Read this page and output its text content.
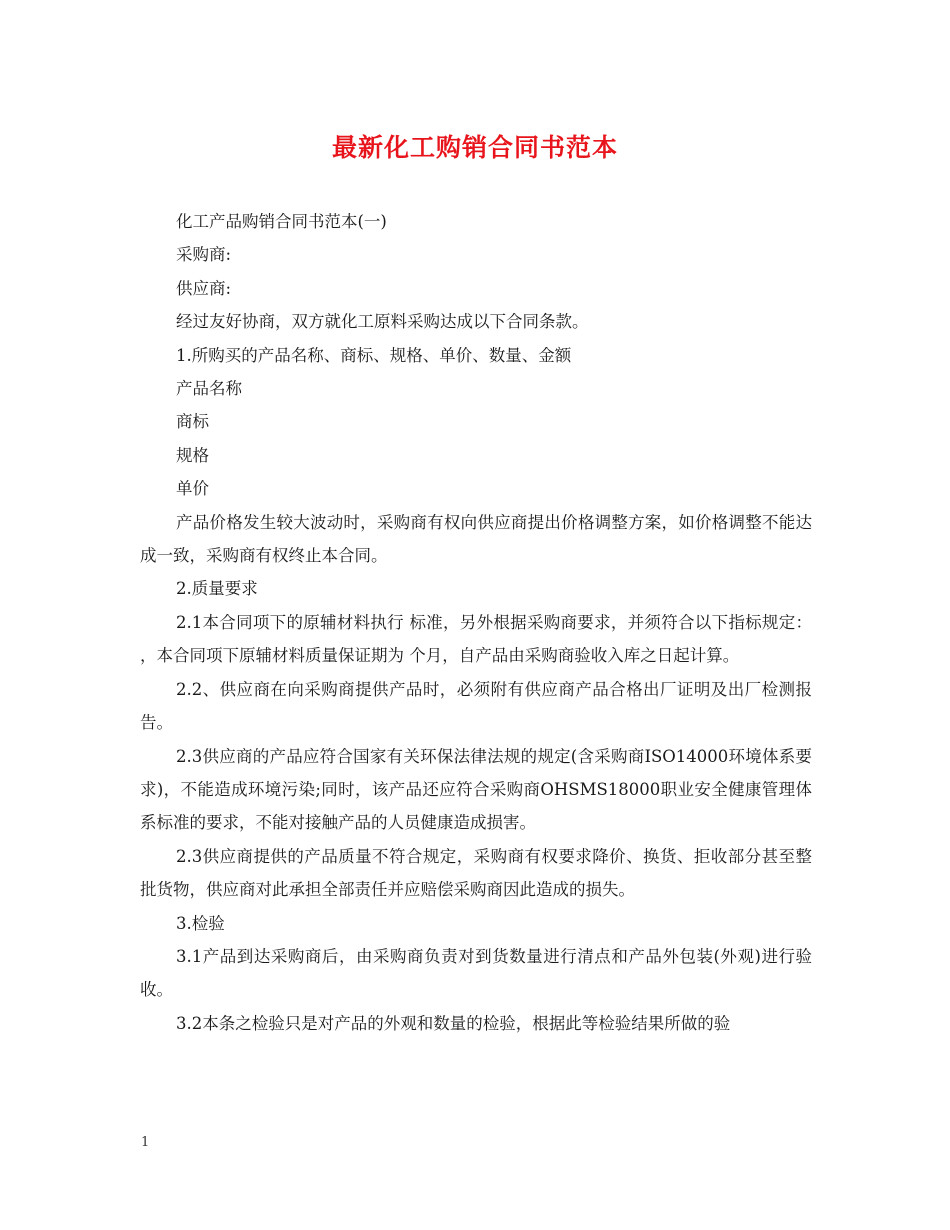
最新化工购销合同书范本

化工产品购销合同书范本(一)

采购商:

供应商:

经过友好协商，双方就化工原料采购达成以下合同条款。

1.所购买的产品名称、商标、规格、单价、数量、金额

产品名称

商标

规格

单价

产品价格发生较大波动时，采购商有权向供应商提出价格调整方案，如价格调整不能达成一致，采购商有权终止本合同。

2.质量要求

2.1本合同项下的原辅材料执行 标准，另外根据采购商要求，并须符合以下指标规定： ，本合同项下原辅材料质量保证期为 个月，自产品由采购商验收入库之日起计算。

2.2、供应商在向采购商提供产品时，必须附有供应商产品合格出厂证明及出厂检测报告。

2.3供应商的产品应符合国家有关环保法律法规的规定(含采购商ISO14000环境体系要求)，不能造成环境污染;同时，该产品还应符合采购商OHSMS18000职业安全健康管理体系标准的要求，不能对接触产品的人员健康造成损害。

2.3供应商提供的产品质量不符合规定，采购商有权要求降价、换货、拒收部分甚至整批货物，供应商对此承担全部责任并应赔偿采购商因此造成的损失。

3.检验

3.1产品到达采购商后，由采购商负责对到货数量进行清点和产品外包装(外观)进行验收。

3.2本条之检验只是对产品的外观和数量的检验，根据此等检验结果所做的验

1
